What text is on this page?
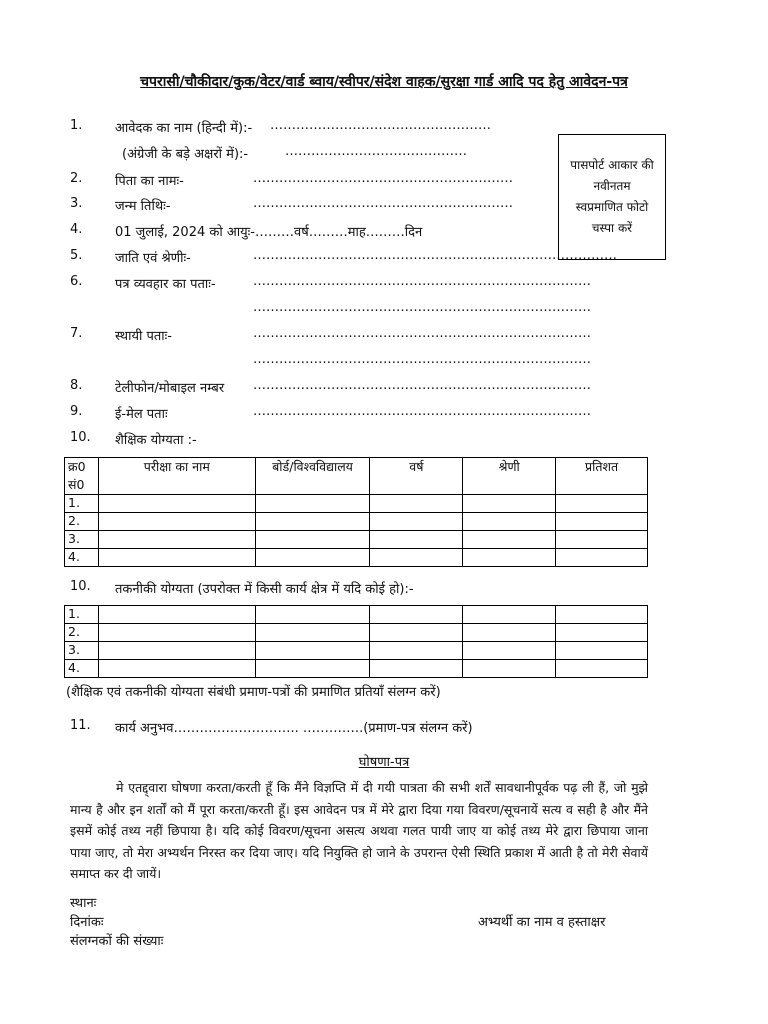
चपरासी/चौकीदार/कुक/वेटर/वार्ड ब्वाय/स्वीपर/संदेश वाहक/सुरक्षा गार्ड आदि पद हेतु आवेदन-पत्र
पासपोर्ट आकार की
नवीनतम
स्वप्रमाणित फोटो
चस्पा करें
1.	आवेदक का नाम (हिन्दी में):- ……………………………………………
(अंग्रेजी के बड़े अक्षरों में):-	……………………………………
2.	पिता का नामः-	……………………………………………………
3.	जन्म तिथिः-	……………………………………………………
4.	01 जुलाई, 2024 को आयुः-………वर्ष………माह………दिन
5.	जाति एवं श्रेणीः-	…………………………………………………………………………
6.	पत्र व्यवहार का पताः-	……………………………………………………………………
……………………………………………………………………
7.	स्थायी पताः-	……………………………………………………………………
……………………………………………………………………
8.	टेलीफोन/मोबाइल नम्बर ……………………………………………………………………
9.	ई-मेल पताः	……………………………………………………………………
10. शैक्षिक योग्यता :-
क्र0 सं0	परीक्षा का नाम	बोर्ड/विश्वविद्यालय	वर्ष	श्रेणी	प्रतिशत
1.					
2.					
3.					
4.					
10. तकनीकी योग्यता (उपरोक्त में किसी कार्य क्षेत्र में यदि कोई हो):-
1.					
2.					
3.					
4.					
(शैक्षिक एवं तकनीकी योग्यता संबंधी प्रमाण-पत्रों की प्रमाणित प्रतियाँ संलग्न करें)
11. कार्य अनुभव……………………….. …………..(प्रमाण-पत्र संलग्न करें)
घोषणा-पत्र
मे एतद्द्वारा घोषणा करता/करती हूँ कि मैंने विज्ञप्ति में दी गयी पात्रता की सभी शर्तें सावधानीपूर्वक पढ़ ली हैं, जो मुझे मान्य है और इन शर्तों को मैं पूरा करता/करती हूँ। इस आवेदन पत्र में मेरे द्वारा दिया गया विवरण/सूचनायें सत्य व सही है और मैंने इसमें कोई तथ्य नहीं छिपाया है। यदि कोई विवरण/सूचना असत्य अथवा गलत पायी जाए या कोई तथ्य मेरे द्वारा छिपाया जाना पाया जाए, तो मेरा अभ्यर्थन निरस्त कर दिया जाए। यदि नियुक्ति हो जाने के उपरान्त ऐसी स्थिति प्रकाश में आती है तो मेरी सेवायें समाप्त कर दी जायें।
स्थानः
दिनांकः
संलग्नकों की संख्याः
अभ्यर्थी का नाम व हस्ताक्षर
